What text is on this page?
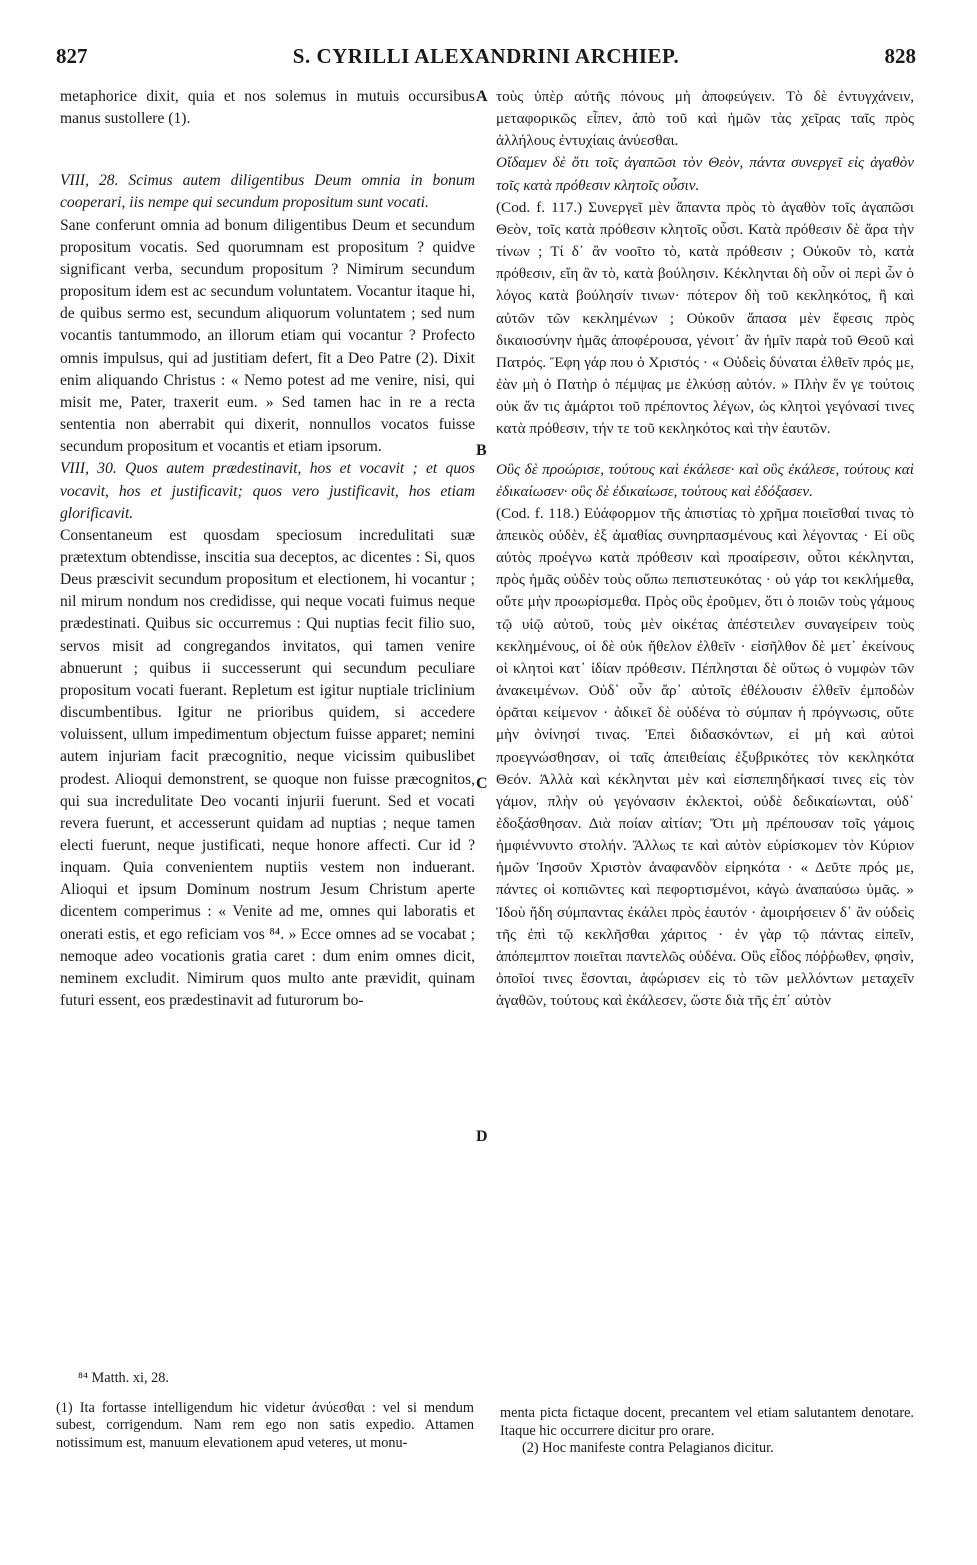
827	S. CYRILLI ALEXANDRINI ARCHIEP.	828
A
B
C
D

metaphorice dixit, quia et nos solemus in mutuis occursibus manus sustollere (1).

VIII, 28. Scimus autem diligentibus Deum omnia in bonum cooperari, iis nempe qui secundum propositum sunt vocati.

Sane conferunt omnia ad bonum diligentibus Deum et secundum propositum vocatis. Sed quorumnam est propositum ? quidve significant verba, secundum propositum ? Nimirum secundum propositum idem est ac secundum voluntatem. Vocantur itaque hi, de quibus sermo est, secundum aliquorum voluntatem ; sed num vocantis tantummodo, an illorum etiam qui vocantur ? Profecto omnis impulsus, qui ad justitiam defert, fit a Deo Patre (2). Dixit enim aliquando Christus : « Nemo potest ad me venire, nisi, qui misit me, Pater, traxerit eum. » Sed tamen hac in re a recta sententia non aberrabit qui dixerit, nonnullos vocatos fuisse secundum propositum et vocantis et etiam ipsorum.

VIII, 30. Quos autem prædestinavit, hos et vocavit ; et quos vocavit, hos et justificavit; quos vero justificavit, hos etiam glorificavit.

Consentaneum est quosdam speciosum incredulitati suæ prætextum obtendisse, inscitia sua deceptos, ac dicentes : Si, quos Deus præscivit secundum propositum et electionem, hi vocantur ; nil mirum nondum nos credidisse, qui neque vocati fuimus neque prædestinati. Quibus sic occurremus : Qui nuptias fecit filio suo, servos misit ad congregandos invitatos, qui tamen venire abnuerunt ; quibus ii successerunt qui secundum peculiare propositum vocati fuerant. Repletum est igitur nuptiale triclinium discumbentibus. Igitur ne prioribus quidem, si accedere voluissent, ullum impedimentum objectum fuisse apparet; nemini autem injuriam facit præcognitio, neque vicissim quibuslibet prodest. Alioqui demonstrent, se quoque non fuisse præcognitos, qui sua incredulitate Deo vocanti injurii fuerunt. Sed et vocati revera fuerunt, et accesserunt quidam ad nuptias ; neque tamen electi fuerunt, neque justificati, neque honore affecti. Cur id ? inquam. Quia convenientem nuptiis vestem non induerant. Alioqui et ipsum Dominum nostrum Jesum Christum aperte dicentem comperimus : « Venite ad me, omnes qui laboratis et onerati estis, et ego reficiam vos ⁸⁴. » Ecce omnes ad se vocabat ; nemoque adeo vocationis gratia caret : dum enim omnes dicit, neminem excludit. Nimirum quos multo ante prævidit, quinam futuri essent, eos prædestinavit ad futurorum bo-

τοὺς ὑπὲρ αὐτῆς πόνους μὴ ἀποφεύγειν. Τὸ δὲ ἐντυγχάνειν, μεταφορικῶς εἶπεν, ἀπὸ τοῦ καὶ ἡμῶν τὰς χεῖρας ταῖς πρὸς ἀλλήλους ἐντυχίαις ἀνύεσθαι.

Οἴδαμεν δὲ ὅτι τοῖς ἀγαπῶσι τὸν Θεὸν, πάντα συνεργεῖ εἰς ἀγαθὸν τοῖς κατὰ πρόθεσιν κλητοῖς οὖσιν.

(Cod. f. 117.) Συνεργεῖ μὲν ἅπαντα πρὸς τὸ ἀγαθὸν τοῖς ἀγαπῶσι Θεὸν, τοῖς κατὰ πρόθεσιν κλητοῖς οὖσι. Κατὰ πρόθεσιν δὲ ἄρα τὴν τίνων ; Τί δ᾽ ἂν νοοῖτο τὸ, κατὰ πρόθεσιν ; Οὐκοῦν τὸ, κατὰ πρόθεσιν, εἴη ἂν τὸ, κατὰ βούλησιν. Κέκληνται δὴ οὖν οἱ περὶ ὧν ὁ λόγος κατὰ βούλησίν τινων· πότερον δὴ τοῦ κεκληκότος, ἢ καὶ αὐτῶν τῶν κεκλημένων ; Οὐκοῦν ἅπασα μὲν ἔφεσις πρὸς δικαιοσύνην ἡμᾶς ἀποφέρουσα, γένοιτ᾽ ἂν ἡμῖν παρὰ τοῦ Θεοῦ καὶ Πατρός. Ἔφη γάρ που ὁ Χριστός · « Οὐδεὶς δύναται ἐλθεῖν πρός με, ἐὰν μὴ ὁ Πατὴρ ὁ πέμψας με ἑλκύσῃ αὐτόν. » Πλὴν ἕν γε τούτοις οὐκ ἄν τις ἁμάρτοι τοῦ πρέποντος λέγων, ὡς κλητοὶ γεγόνασί τινες κατὰ πρόθεσιν, τήν τε τοῦ κεκληκότος καὶ τὴν ἑαυτῶν.

Οὓς δὲ προώρισε, τούτους καὶ ἐκάλεσε· καὶ οὓς ἐκάλεσε, τούτους καὶ ἐδικαίωσεν· οὓς δὲ ἐδικαίωσε, τούτους καὶ ἐδόξασεν.

(Cod. f. 118.) Εὐάφορμον τῆς ἀπιστίας τὸ χρῆμα ποιεῖσθαί τινας τὸ ἀπεικὸς οὐδὲν, ἐξ ἀμαθίας συνηρπασμένους καὶ λέγοντας · Εἰ οὓς αὐτὸς προέγνω κατὰ πρόθεσιν καὶ προαίρεσιν, οὗτοι κέκληνται, πρὸς ἡμᾶς οὐδὲν τοὺς οὔπω πεπιστευκότας · οὐ γάρ τοι κεκλήμεθα, οὔτε μὴν προωρίσμεθα. Πρὸς οὓς ἐροῦμεν, ὅτι ὁ ποιῶν τοὺς γάμους τῷ υἱῷ αὐτοῦ, τοὺς μὲν οἰκέτας ἀπέστειλεν συναγείρειν τοὺς κεκλημένους, οἱ δὲ οὐκ ἤθελον ἐλθεῖν · εἰσῆλθον δὲ μετ᾽ ἐκείνους οἱ κλητοὶ κατ᾽ ἰδίαν πρόθεσιν. Πέπλησται δὲ οὕτως ὁ νυμφὼν τῶν ἀνακειμένων. Οὐδ᾽ οὖν ἄρ᾽ αὐτοῖς ἐθέλουσιν ἐλθεῖν ἐμποδὼν ὁρᾶται κείμενον · ἀδικεῖ δὲ οὐδένα τὸ σύμπαν ἡ πρόγνωσις, οὔτε μὴν ὀνίνησί τινας. Ἐπεὶ διδασκόντων, εἰ μὴ καὶ αὐτοὶ προεγνώσθησαν, οἱ ταῖς ἀπειθείαις ἐξυβρικότες τὸν κεκληκότα Θεόν. Ἀλλὰ καὶ κέκληνται μὲν καὶ εἰσπεπηδήκασί τινες εἰς τὸν γάμον, πλὴν οὐ γεγόνασιν ἐκλεκτοὶ, οὐδὲ δεδικαίωνται, οὐδ᾽ ἐδοξάσθησαν. Διὰ ποίαν αἰτίαν; Ὅτι μὴ πρέπουσαν τοῖς γάμοις ἠμφιέννυντο στολήν. Ἄλλως τε καὶ αὐτὸν εὑρίσκομεν τὸν Κύριον ἡμῶν Ἰησοῦν Χριστὸν ἀναφανδὸν εἰρηκότα · « Δεῦτε πρός με, πάντες οἱ κοπιῶντες καὶ πεφορτισμένοι, κἀγὼ ἀναπαύσω ὑμᾶς. » Ἰδοὺ ἤδη σύμπαντας ἐκάλει πρὸς ἑαυτόν · ἀμοιρήσειεν δ᾽ ἂν οὐδεὶς τῆς ἐπὶ τῷ κεκλῆσθαι χάριτος · ἐν γὰρ τῷ πάντας εἰπεῖν, ἀπόπεμπτον ποιεῖται παντελῶς οὐδένα. Οὓς εἶδος πόῤῥωθεν, φησὶν, ὁποῖοί τινες ἔσονται, ἀφώρισεν εἰς τὸ τῶν μελλόντων μεταχεῖν ἀγαθῶν, τούτους καὶ ἐκάλεσεν, ὥστε διὰ τῆς ἐπ᾽ αὐτὸν

⁸⁴ Matth. xi, 28.

(1) Ita fortasse intelligendum hic videtur ἀνύεσθαι : vel si mendum subest, corrigendum. Nam rem ego non satis expedio. Attamen notissimum est, manuum elevationem apud veteres, ut monu-

menta picta fictaque docent, precantem vel etiam salutantem denotare. Itaque hic occurrere dicitur pro orare.

(2) Hoc manifeste contra Pelagianos dicitur.
